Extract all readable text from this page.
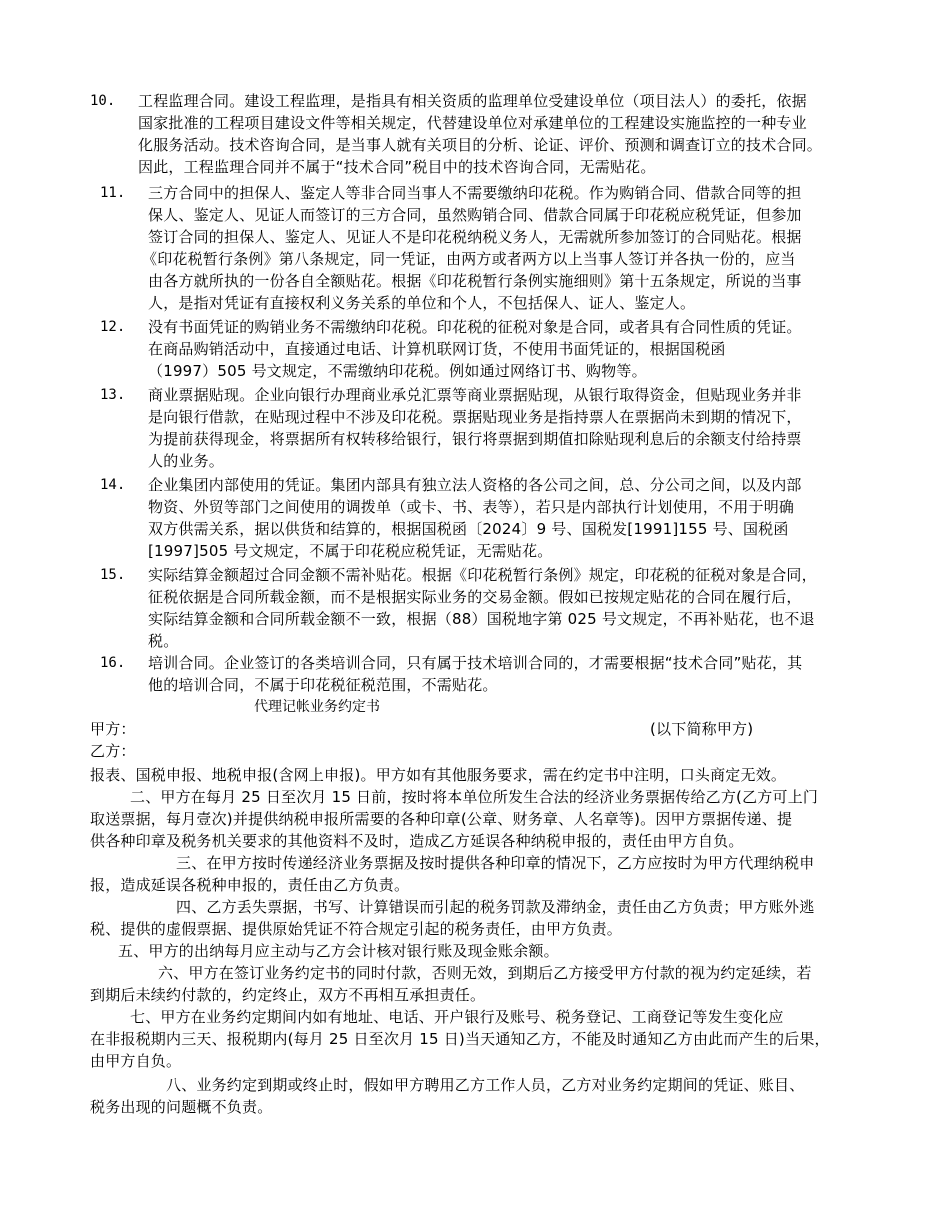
10. 工程监理合同。建设工程监理，是指具有相关资质的监理单位受建设单位（项目法人）的委托，依据
国家批准的工程项目建设文件等相关规定，代替建设单位对承建单位的工程建设实施监控的一种专业
化服务活动。技术咨询合同，是当事人就有关项目的分析、论证、评价、预测和调查订立的技术合同。
因此，工程监理合同并不属于“技术合同”税目中的技术咨询合同，无需贴花。
11. 三方合同中的担保人、鉴定人等非合同当事人不需要缴纳印花税。作为购销合同、借款合同等的担
保人、鉴定人、见证人而签订的三方合同，虽然购销合同、借款合同属于印花税应税凭证，但参加
签订合同的担保人、鉴定人、见证人不是印花税纳税义务人，无需就所参加签订的合同贴花。根据
《印花税暂行条例》第八条规定，同一凭证，由两方或者两方以上当事人签订并各执一份的，应当
由各方就所执的一份各自全额贴花。根据《印花税暂行条例实施细则》第十五条规定，所说的当事
人，是指对凭证有直接权利义务关系的单位和个人，不包括保人、证人、鉴定人。
12. 没有书面凭证的购销业务不需缴纳印花税。印花税的征税对象是合同，或者具有合同性质的凭证。
在商品购销活动中，直接通过电话、计算机联网订货，不使用书面凭证的，根据国税函
（1997）505 号文规定，不需缴纳印花税。例如通过网络订书、购物等。
13. 商业票据贴现。企业向银行办理商业承兑汇票等商业票据贴现，从银行取得资金，但贴现业务并非
是向银行借款，在贴现过程中不涉及印花税。票据贴现业务是指持票人在票据尚未到期的情况下，
为提前获得现金，将票据所有权转移给银行，银行将票据到期值扣除贴现利息后的余额支付给持票
人的业务。
14. 企业集团内部使用的凭证。集团内部具有独立法人资格的各公司之间，总、分公司之间，以及内部
物资、外贸等部门之间使用的调拨单（或卡、书、表等），若只是内部执行计划使用，不用于明确
双方供需关系，据以供货和结算的，根据国税函〔2024〕9 号、国税发[1991]155 号、国税函
[1997]505 号文规定，不属于印花税应税凭证，无需贴花。
15. 实际结算金额超过合同金额不需补贴花。根据《印花税暂行条例》规定，印花税的征税对象是合同，
征税依据是合同所载金额，而不是根据实际业务的交易金额。假如已按规定贴花的合同在履行后，
实际结算金额和合同所载金额不一致，根据（88）国税地字第 025 号文规定，不再补贴花，也不退
税。
16. 培训合同。企业签订的各类培训合同，只有属于技术培训合同的，才需要根据“技术合同”贴花，其
他的培训合同，不属于印花税征税范围，不需贴花。
代理记帐业务约定书
甲方：	(以下简称甲方)
乙方：
报表、国税申报、地税申报(含网上申报)。甲方如有其他服务要求，需在约定书中注明，口头商定无效。
二、甲方在每月 25 日至次月 15 日前，按时将本单位所发生合法的经济业务票据传给乙方(乙方可上门
取送票据，每月壹次)并提供纳税申报所需要的各种印章(公章、财务章、人名章等)。因甲方票据传递、提
供各种印章及税务机关要求的其他资料不及时，造成乙方延误各种纳税申报的，责任由甲方自负。
三、在甲方按时传递经济业务票据及按时提供各种印章的情况下，乙方应按时为甲方代理纳税申
报，造成延误各税种申报的，责任由乙方负责。
四、乙方丢失票据，书写、计算错误而引起的税务罚款及滞纳金，责任由乙方负责；甲方账外逃
税、提供的虚假票据、提供原始凭证不符合规定引起的税务责任，由甲方负责。
五、甲方的出纳每月应主动与乙方会计核对银行账及现金账余额。
六、甲方在签订业务约定书的同时付款，否则无效，到期后乙方接受甲方付款的视为约定延续，若
到期后未续约付款的，约定终止，双方不再相互承担责任。
七、甲方在业务约定期间内如有地址、电话、开户银行及账号、税务登记、工商登记等发生变化应
在非报税期内三天、报税期内(每月 25 日至次月 15 日)当天通知乙方，不能及时通知乙方由此而产生的后果，
由甲方自负。
八、业务约定到期或终止时，假如甲方聘用乙方工作人员，乙方对业务约定期间的凭证、账目、
税务出现的问题概不负责。
